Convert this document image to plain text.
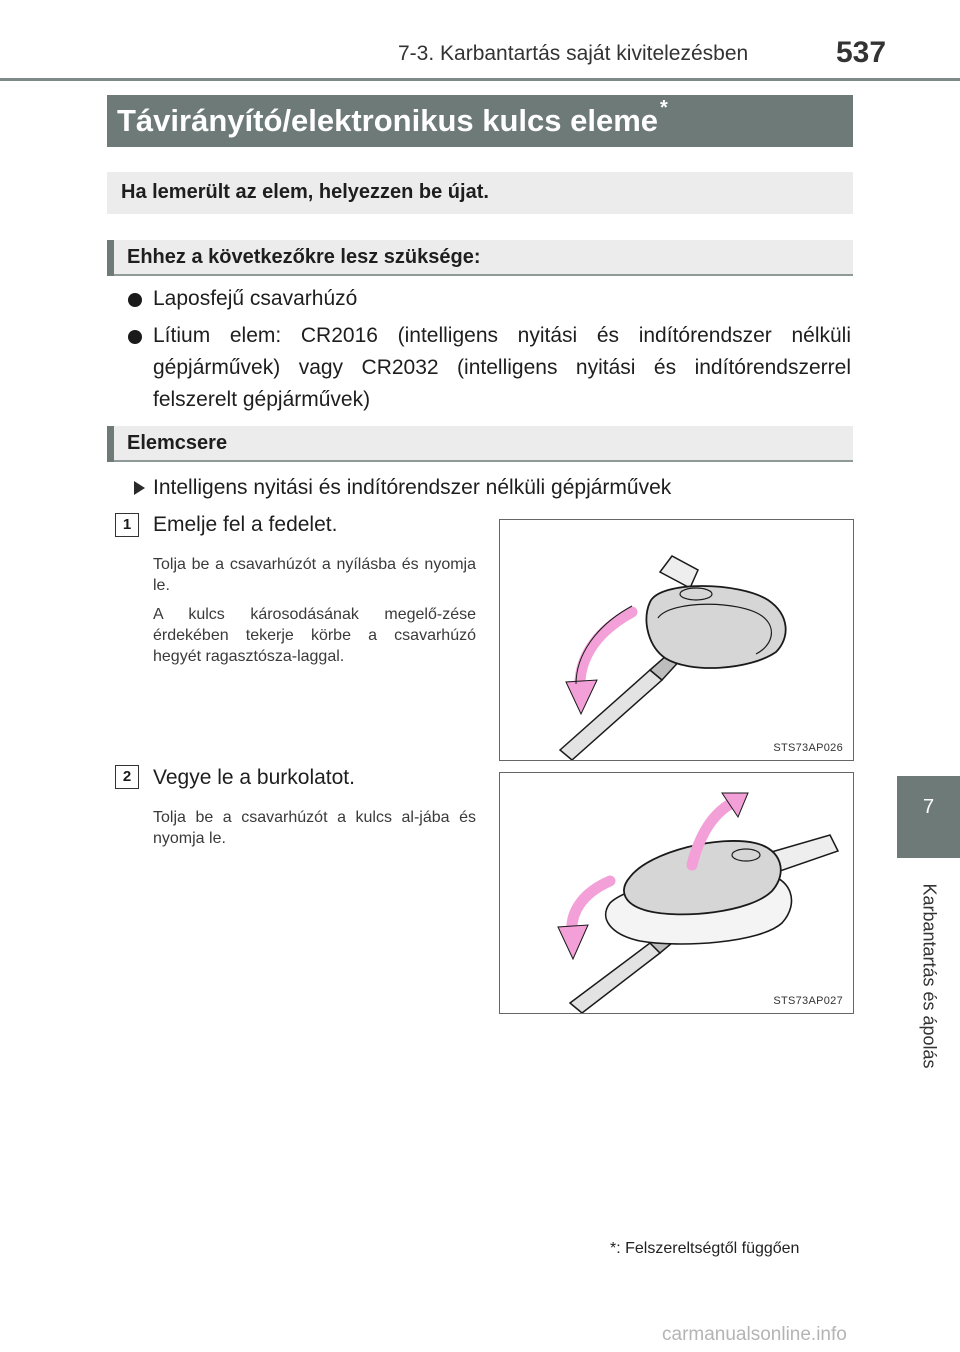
7-3. Karbantartás saját kivitelezésben	537
Távirányító/elektronikus kulcs eleme *
Ha lemerült az elem, helyezzen be újat.
Ehhez a következőkre lesz szüksége:
Laposfejű csavarhúzó
Lítium elem: CR2016 (intelligens nyitási és indítórendszer nélküli gépjárművek) vagy CR2032 (intelligens nyitási és indítórendszerrel felszerelt gépjárművek)
Elemcsere
Intelligens nyitási és indítórendszer nélküli gépjárművek
1	Emelje fel a fedelet.
Tolja be a csavarhúzót a nyílásba és nyomja le.
A kulcs károsodásának megelő-zése érdekében tekerje körbe a csavarhúzó hegyét ragasztósza-laggal.
STS73AP026
2	Vegye le a burkolatot.
Tolja be a csavarhúzót a kulcs al-jába és nyomja le.
STS73AP027
7
Karbantartás és ápolás
*: Felszereltségtől függően
carmanualsonline.info
